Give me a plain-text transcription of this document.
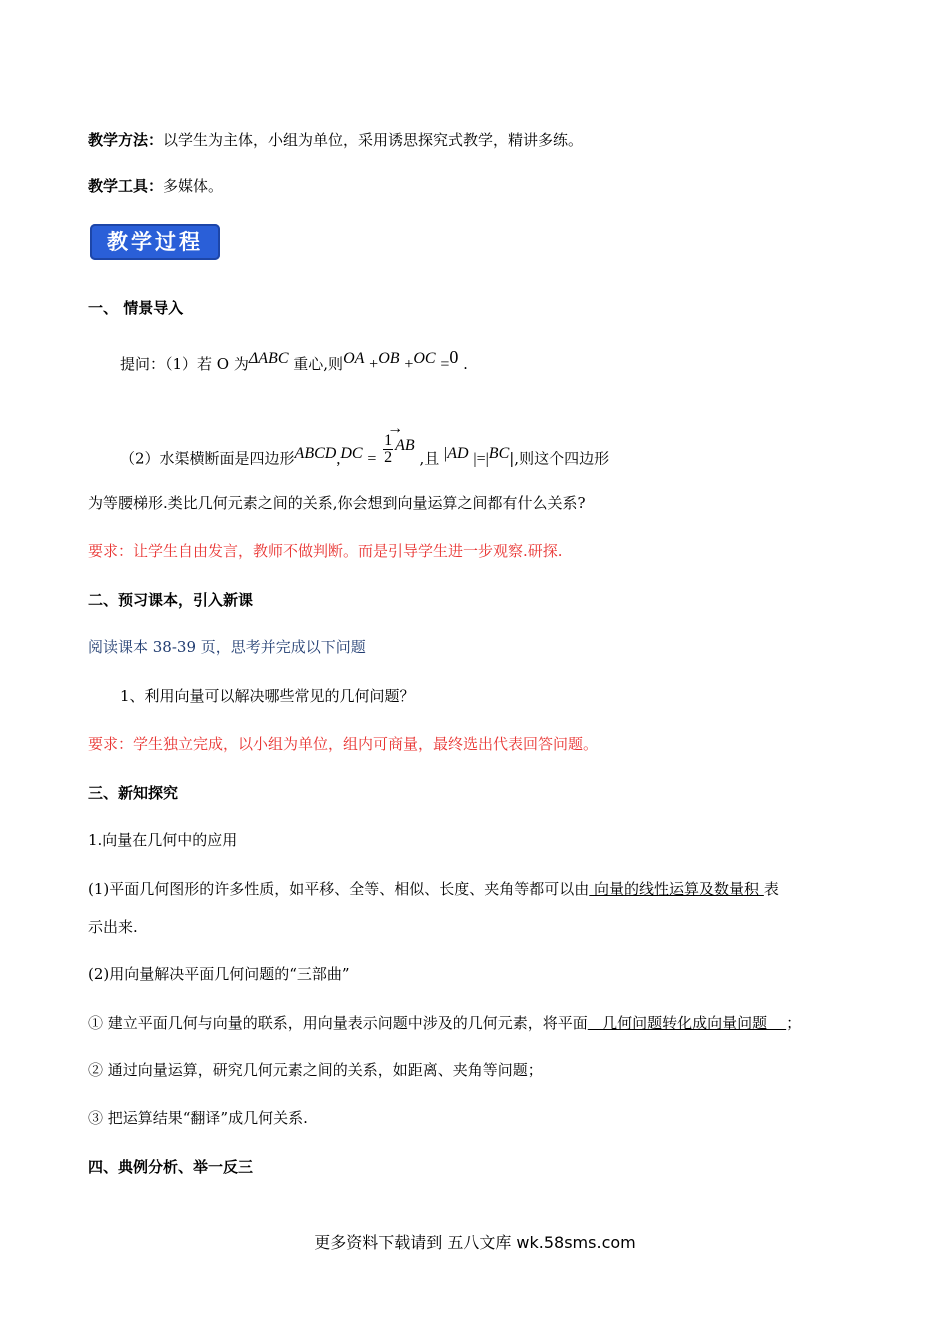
教学方法：以学生为主体，小组为单位，采用诱思探究式教学，精讲多练。
教学工具：多媒体。
教学过程
一、 情景导入
提问：（1）若 O 为ΔABC 重心,则OA +OB +OC =0 .
（2）水渠横断面是四边形ABCD,DC = →
1
2 AB ,且 |AD |=|BC|,则这个四边形
为等腰梯形.类比几何元素之间的关系,你会想到向量运算之间都有什么关系?
要求：让学生自由发言，教师不做判断。而是引导学生进一步观察.研探.
二、预习课本，引入新课
阅读课本 38-39 页，思考并完成以下问题
1、利用向量可以解决哪些常见的几何问题？
要求：学生独立完成，以小组为单位，组内可商量，最终选出代表回答问题。
三、新知探究
1.向量在几何中的应用
(1)平面几何图形的许多性质，如平移、全等、相似、长度、夹角等都可以由 向量的线性运算及数量积 表
示出来.
(2)用向量解决平面几何问题的“三部曲”
① 建立平面几何与向量的联系，用向量表示问题中涉及的几何元素，将平面   几何问题转化成向量问题    ；
② 通过向量运算，研究几何元素之间的关系，如距离、夹角等问题；
③ 把运算结果“翻译”成几何关系.
四、典例分析、举一反三
更多资料下载请到 五八文库 wk.58sms.com
